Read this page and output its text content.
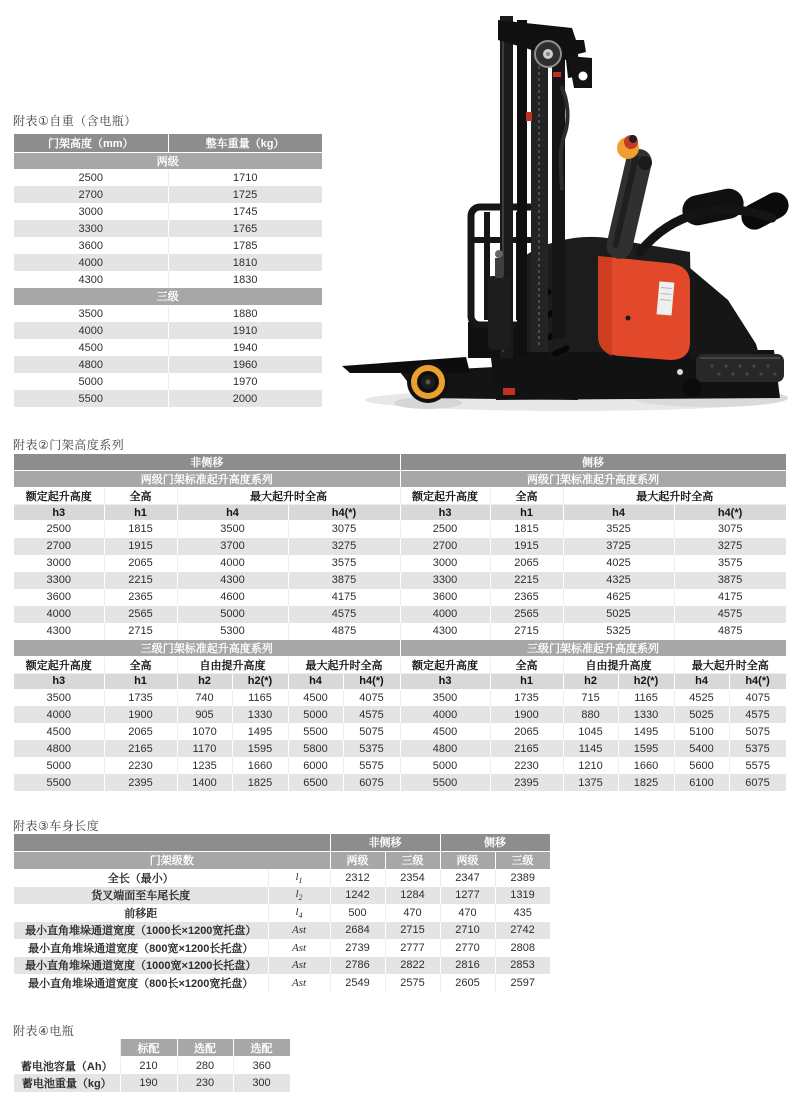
附表①自重（含电瓶）
附表②门架高度系列
附表③车身长度
附表④电瓶
门架高度（mm）	整车重量（kg）
两级	
2500	1710
2700	1725
3000	1745
3300	1765
3600	1785
4000	1810
4300	1830
三级	
3500	1880
4000	1910
4500	1940
4800	1960
5000	1970
5500	2000
非侧移						侧移					
两级门架标准起升高度系列						两级门架标准起升高度系列					
额定起升高度	全高	最大起升时全高				额定起升高度	全高	最大起升时全高			
h3	h1	h4		h4(*)		h3	h1	h4		h4(*)	
2500	1815	3500		3075		2500	1815	3525		3075	
2700	1915	3700		3275		2700	1915	3725		3275	
3000	2065	4000		3575		3000	2065	4025		3575	
3300	2215	4300		3875		3300	2215	4325		3875	
3600	2365	4600		4175		3600	2365	4625		4175	
4000	2565	5000		4575		4000	2565	5025		4575	
4300	2715	5300		4875		4300	2715	5325		4875	
三级门架标准起升高度系列						三级门架标准起升高度系列					
额定起升高度	全高	自由提升高度		最大起升时全高		额定起升高度	全高	自由提升高度		最大起升时全高	
h3	h1	h2	h2(*)	h4	h4(*)	h3	h1	h2	h2(*)	h4	h4(*)
3500	1735	740	1165	4500	4075	3500	1735	715	1165	4525	4075
4000	1900	905	1330	5000	4575	4000	1900	880	1330	5025	4575
4500	2065	1070	1495	5500	5075	4500	2065	1045	1495	5100	5075
4800	2165	1170	1595	5800	5375	4800	2165	1145	1595	5400	5375
5000	2230	1235	1660	6000	5575	5000	2230	1210	1660	5600	5575
5500	2395	1400	1825	6500	6075	5500	2395	1375	1825	6100	6075
		非侧移		侧移	
门架级数		两级	三级	两级	三级
全长（最小）	$l_1$	2312	2354	2347	2389
货叉端面至车尾长度	$l_2$	1242	1284	1277	1319
前移距	$l_4$	500	470	470	435
最小直角堆垛通道宽度（1000长×1200宽托盘）	Ast	2684	2715	2710	2742
最小直角堆垛通道宽度（800宽×1200长托盘）	Ast	2739	2777	2770	2808
最小直角堆垛通道宽度（1000宽×1200长托盘）	Ast	2786	2822	2816	2853
最小直角堆垛通道宽度（800长×1200宽托盘）	Ast	2549	2575	2605	2597
	标配	选配	选配
蓄电池容量（Ah）	210	280	360
蓄电池重量（kg）	190	230	300
